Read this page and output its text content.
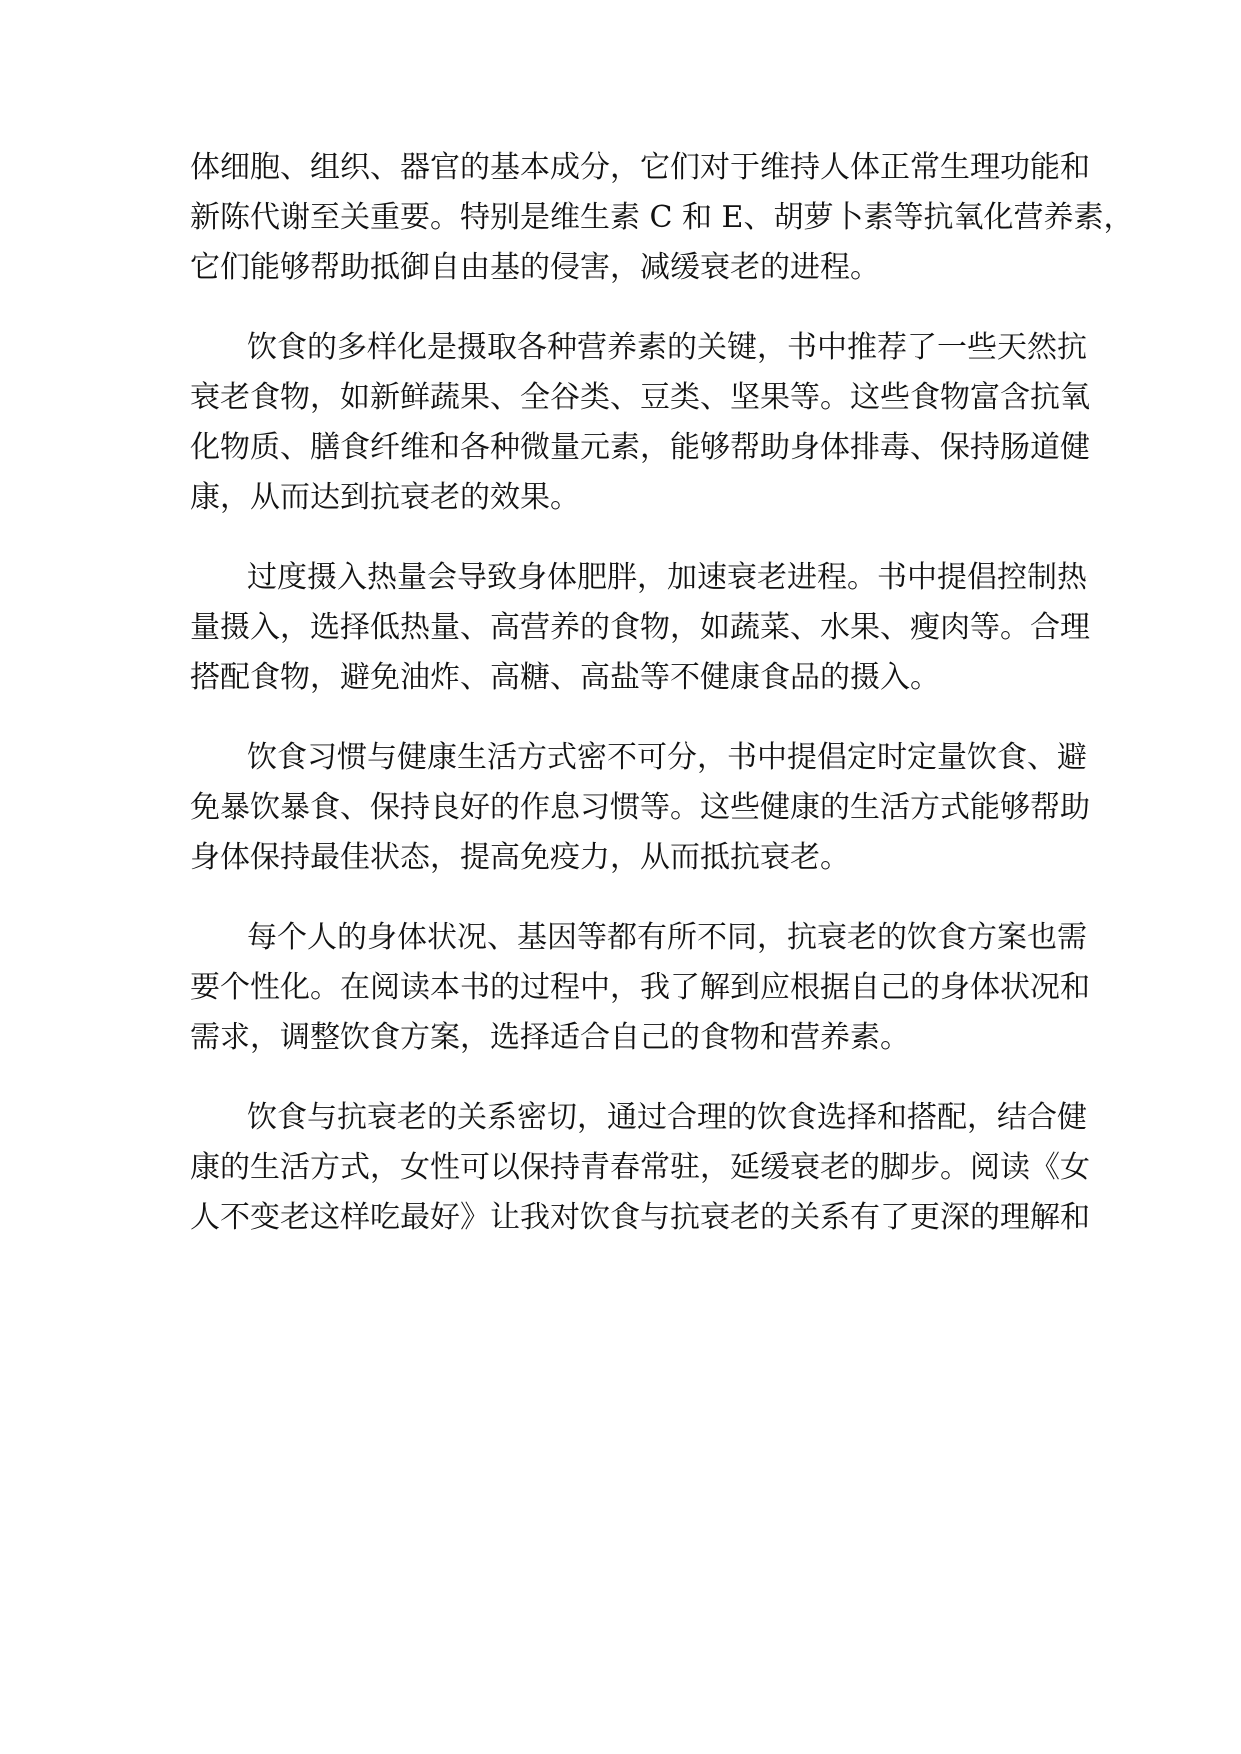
体细胞、组织、器官的基本成分，它们对于维持人体正常生理功能和
新陈代谢至关重要。特别是维生素 C 和 E、胡萝卜素等抗氧化营养素，
它们能够帮助抵御自由基的侵害，减缓衰老的进程。
饮食的多样化是摄取各种营养素的关键，书中推荐了一些天然抗
衰老食物，如新鲜蔬果、全谷类、豆类、坚果等。这些食物富含抗氧
化物质、膳食纤维和各种微量元素，能够帮助身体排毒、保持肠道健
康，从而达到抗衰老的效果。
过度摄入热量会导致身体肥胖，加速衰老进程。书中提倡控制热
量摄入，选择低热量、高营养的食物，如蔬菜、水果、瘦肉等。合理
搭配食物，避免油炸、高糖、高盐等不健康食品的摄入。
饮食习惯与健康生活方式密不可分，书中提倡定时定量饮食、避
免暴饮暴食、保持良好的作息习惯等。这些健康的生活方式能够帮助
身体保持最佳状态，提高免疫力，从而抵抗衰老。
每个人的身体状况、基因等都有所不同，抗衰老的饮食方案也需
要个性化。在阅读本书的过程中，我了解到应根据自己的身体状况和
需求，调整饮食方案，选择适合自己的食物和营养素。
饮食与抗衰老的关系密切，通过合理的饮食选择和搭配，结合健
康的生活方式，女性可以保持青春常驻，延缓衰老的脚步。阅读《女
人不变老这样吃最好》让我对饮食与抗衰老的关系有了更深的理解和
